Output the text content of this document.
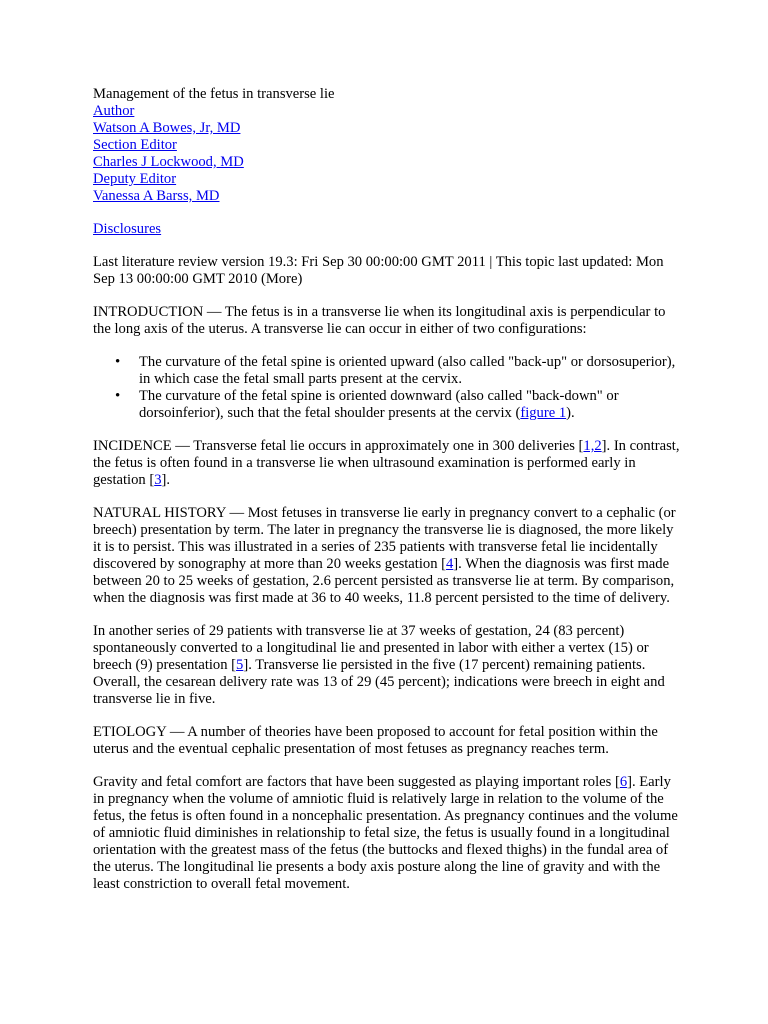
Management of the fetus in transverse lie
Author
Watson A Bowes, Jr, MD
Section Editor
Charles J Lockwood, MD
Deputy Editor
Vanessa A Barss, MD

Disclosures

Last literature review version 19.3: Fri Sep 30 00:00:00 GMT 2011 | This topic last updated: Mon Sep 13 00:00:00 GMT 2010 (More)

INTRODUCTION — The fetus is in a transverse lie when its longitudinal axis is perpendicular to the long axis of the uterus. A transverse lie can occur in either of two configurations:

• The curvature of the fetal spine is oriented upward (also called "back-up" or dorsosuperior), in which case the fetal small parts present at the cervix.
• The curvature of the fetal spine is oriented downward (also called "back-down" or dorsoinferior), such that the fetal shoulder presents at the cervix (figure 1).

INCIDENCE — Transverse fetal lie occurs in approximately one in 300 deliveries [1,2]. In contrast, the fetus is often found in a transverse lie when ultrasound examination is performed early in gestation [3].

NATURAL HISTORY — Most fetuses in transverse lie early in pregnancy convert to a cephalic (or breech) presentation by term. The later in pregnancy the transverse lie is diagnosed, the more likely it is to persist. This was illustrated in a series of 235 patients with transverse fetal lie incidentally discovered by sonography at more than 20 weeks gestation [4]. When the diagnosis was first made between 20 to 25 weeks of gestation, 2.6 percent persisted as transverse lie at term. By comparison, when the diagnosis was first made at 36 to 40 weeks, 11.8 percent persisted to the time of delivery.

In another series of 29 patients with transverse lie at 37 weeks of gestation, 24 (83 percent) spontaneously converted to a longitudinal lie and presented in labor with either a vertex (15) or breech (9) presentation [5]. Transverse lie persisted in the five (17 percent) remaining patients. Overall, the cesarean delivery rate was 13 of 29 (45 percent); indications were breech in eight and transverse lie in five.

ETIOLOGY — A number of theories have been proposed to account for fetal position within the uterus and the eventual cephalic presentation of most fetuses as pregnancy reaches term.

Gravity and fetal comfort are factors that have been suggested as playing important roles [6]. Early in pregnancy when the volume of amniotic fluid is relatively large in relation to the volume of the fetus, the fetus is often found in a noncephalic presentation. As pregnancy continues and the volume of amniotic fluid diminishes in relationship to fetal size, the fetus is usually found in a longitudinal orientation with the greatest mass of the fetus (the buttocks and flexed thighs) in the fundal area of the uterus. The longitudinal lie presents a body axis posture along the line of gravity and with the least constriction to overall fetal movement.
